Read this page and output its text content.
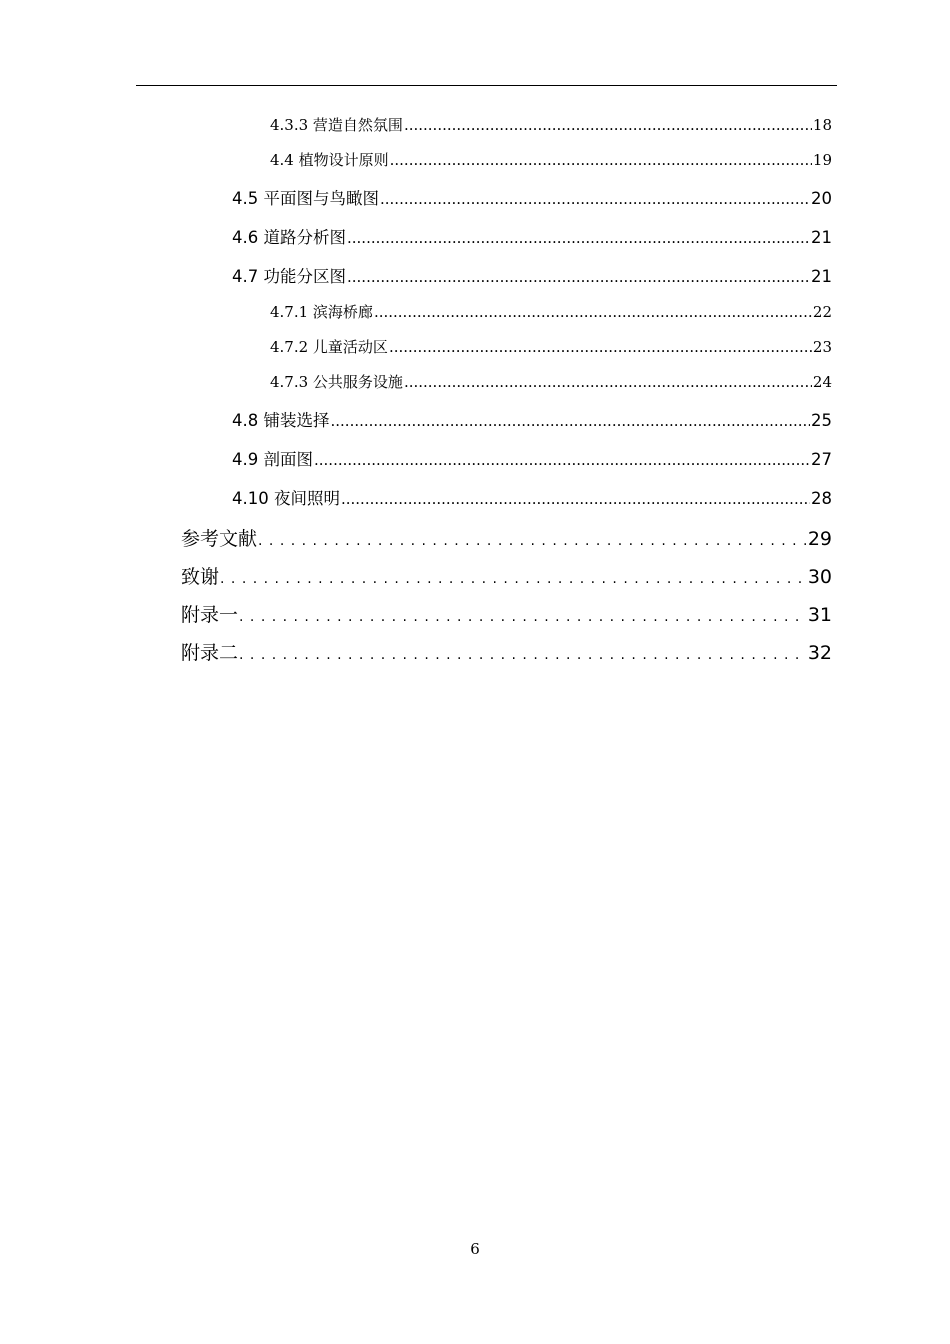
4.3.3 营造自然氛围 .....	18
4.4 植物设计原则 .....	19
4.5 平面图与鸟瞰图 .....	20
4.6 道路分析图 .....	21
4.7 功能分区图 .....	21
4.7.1 滨海桥廊 .....	22
4.7.2 儿童活动区 .....	23
4.7.3 公共服务设施 .....	24
4.8 铺装选择 .....	25
4.9 剖面图 .....	27
4.10 夜间照明 .....	28
参考文献 . . .	29
致谢 . . .	30
附录一 . . .	31
附录二 . . .	32
6
